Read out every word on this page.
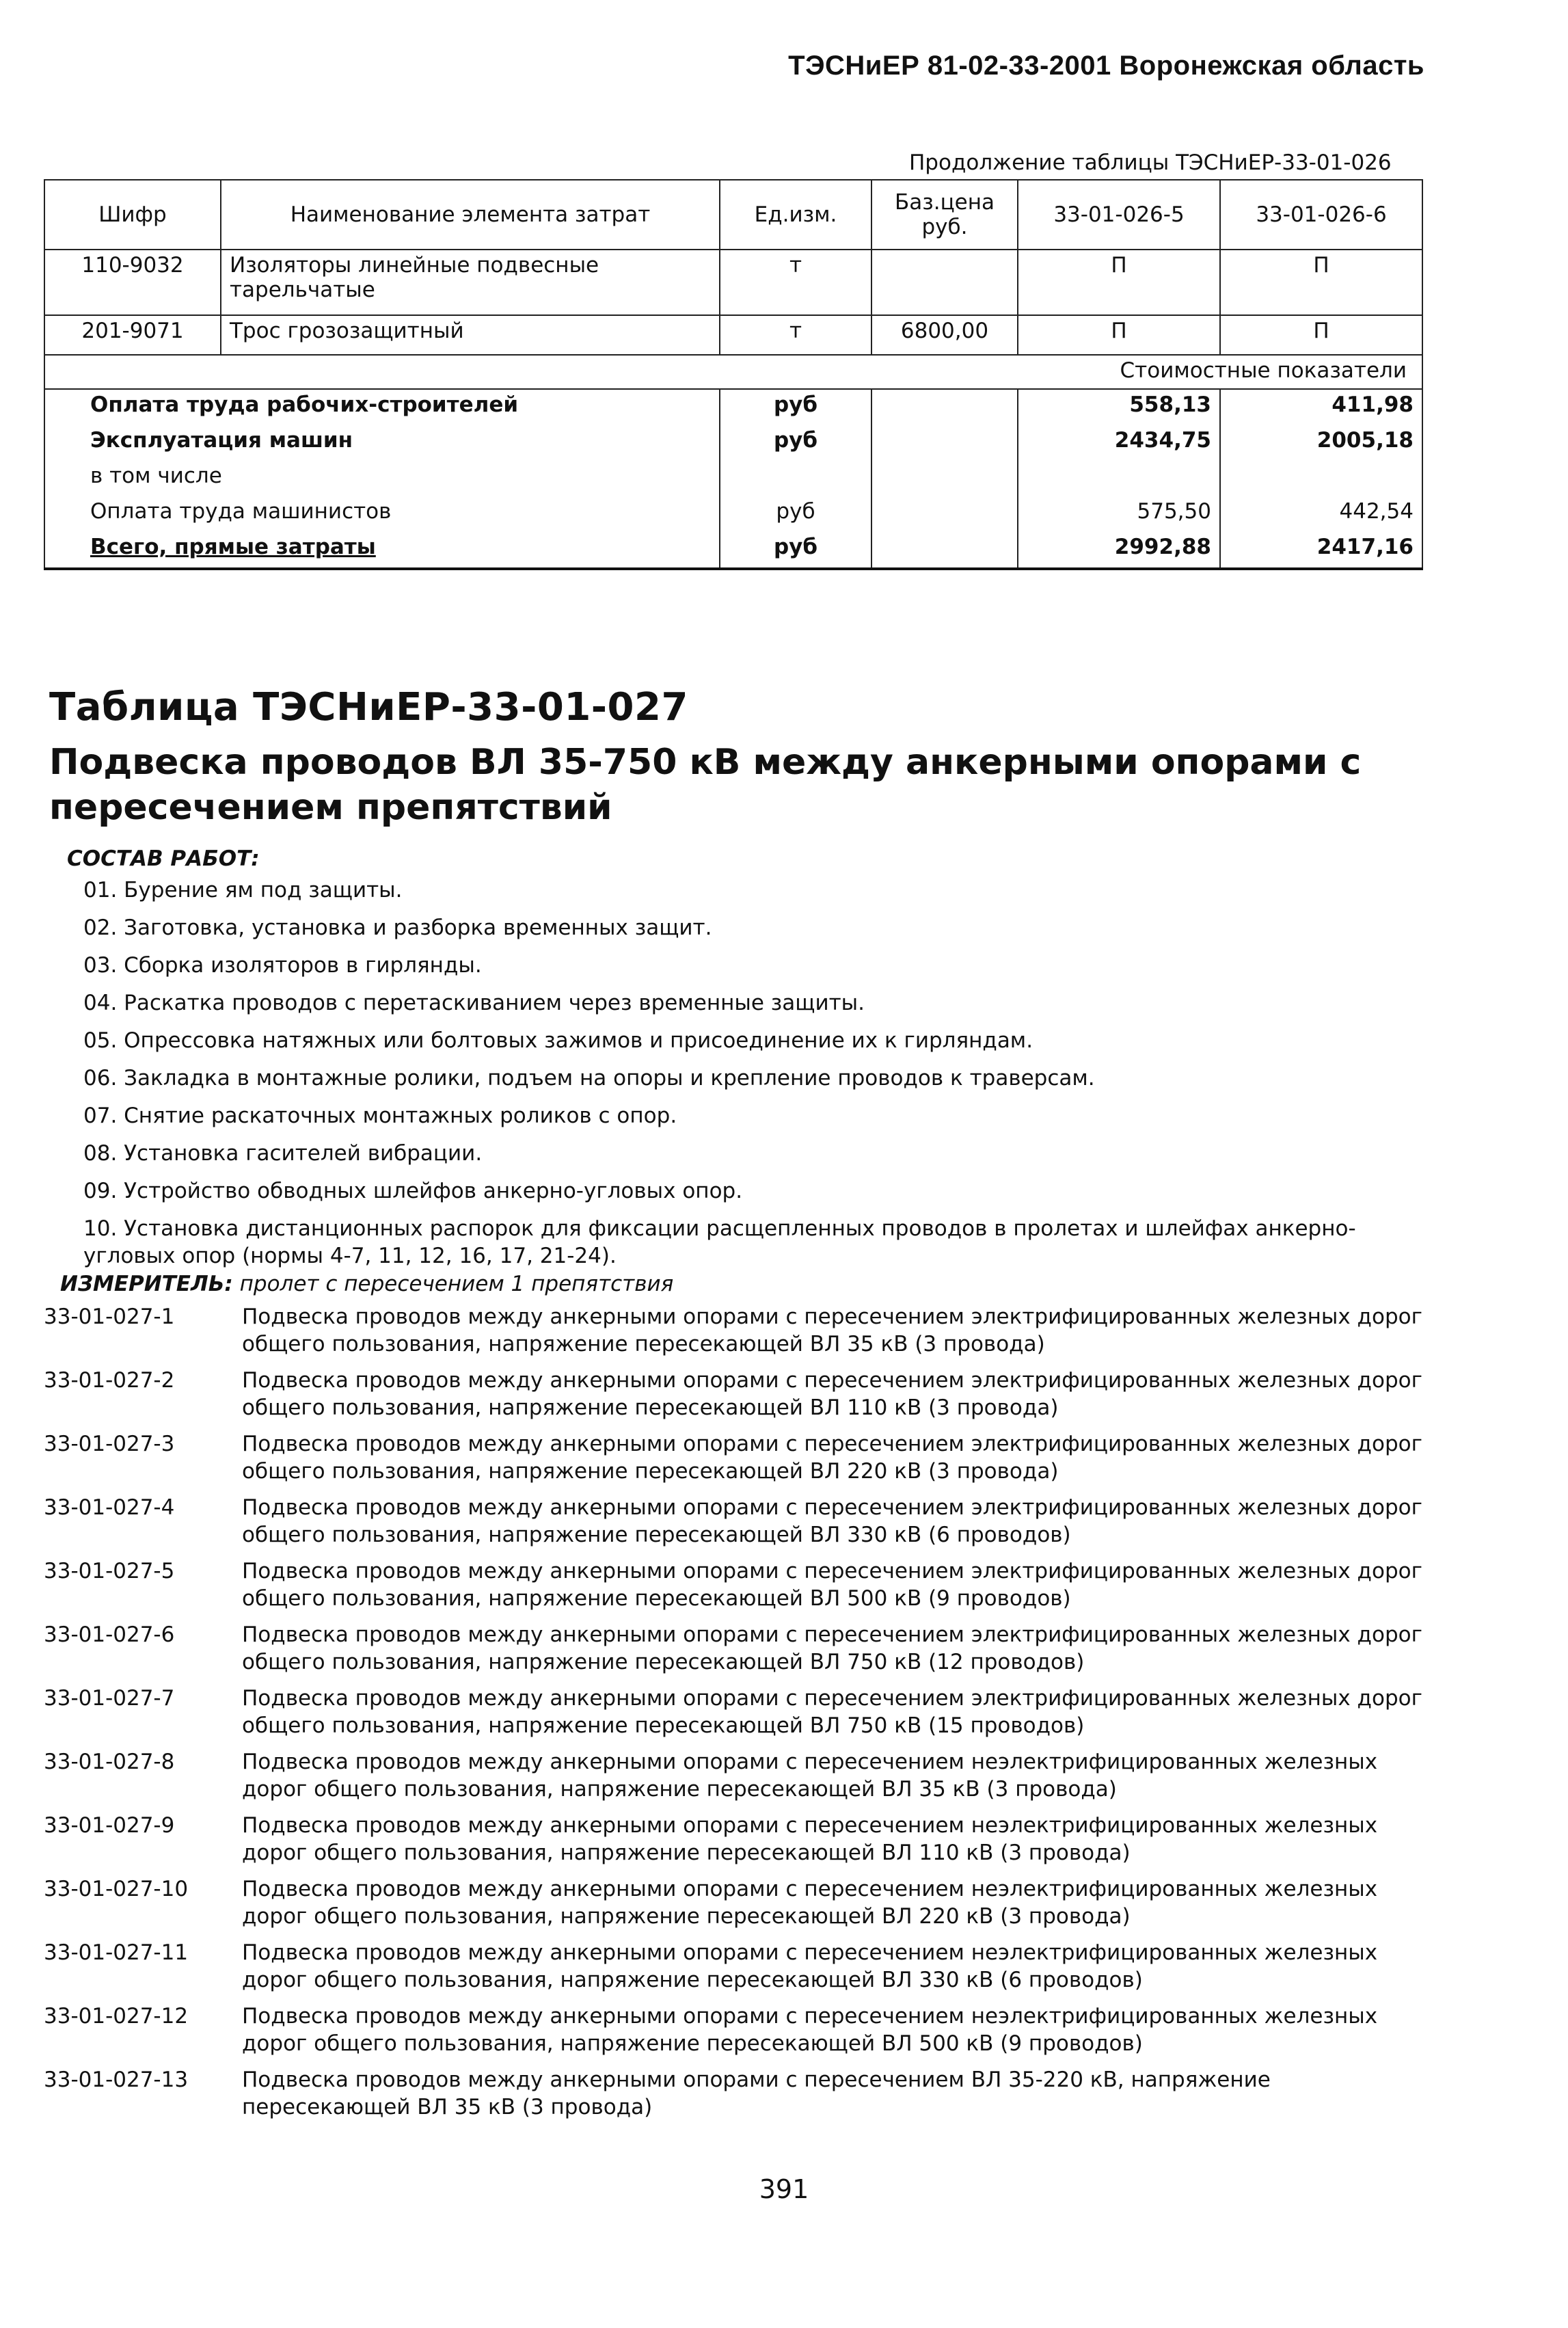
ТЭСНиЕР 81-02-33-2001 Воронежская область
Продолжение таблицы ТЭСНиЕР-33-01-026
Шифр	Наименование элемента затрат	Ед.изм.	Баз.цена руб.	33-01-026-5	33-01-026-6
110-9032	Изоляторы линейные подвесные тарельчатые	т		П	П
201-9071	Трос грозозащитный	т	6800,00	П	П
Стоимостные показатели					
Оплата труда рабочих-строителей		руб		558,13	411,98
Эксплуатация машин		руб		2434,75	2005,18
в том числе					
Оплата труда машинистов		руб		575,50	442,54
Всего, прямые затраты		руб		2992,88	2417,16
Таблица ТЭСНиЕР-33-01-027
Подвеска проводов ВЛ 35-750 кВ между анкерными опорами с пересечением препятствий
СОСТАВ РАБОТ:
01. Бурение ям под защиты.
02. Заготовка, установка и разборка временных защит.
03. Сборка изоляторов в гирлянды.
04. Раскатка проводов с перетаскиванием через временные защиты.
05. Опрессовка натяжных или болтовых зажимов и присоединение их к гирляндам.
06. Закладка в монтажные ролики, подъем на опоры и крепление проводов к траверсам.
07. Снятие раскаточных монтажных роликов с опор.
08. Установка гасителей вибрации.
09. Устройство обводных шлейфов анкерно-угловых опор.
10. Установка дистанционных распорок для фиксации расщепленных проводов в пролетах и шлейфах анкерно-угловых опор (нормы 4-7, 11, 12, 16, 17, 21-24).
ИЗМЕРИТЕЛЬ: пролет с пересечением 1 препятствия
33-01-027-1	Подвеска проводов между анкерными опорами с пересечением электрифицированных железных дорог общего пользования, напряжение пересекающей ВЛ 35 кВ (3 провода)
33-01-027-2	Подвеска проводов между анкерными опорами с пересечением электрифицированных железных дорог общего пользования, напряжение пересекающей ВЛ 110 кВ (3 провода)
33-01-027-3	Подвеска проводов между анкерными опорами с пересечением электрифицированных железных дорог общего пользования, напряжение пересекающей ВЛ 220 кВ (3 провода)
33-01-027-4	Подвеска проводов между анкерными опорами с пересечением электрифицированных железных дорог общего пользования, напряжение пересекающей ВЛ 330 кВ (6 проводов)
33-01-027-5	Подвеска проводов между анкерными опорами с пересечением электрифицированных железных дорог общего пользования, напряжение пересекающей ВЛ 500 кВ (9 проводов)
33-01-027-6	Подвеска проводов между анкерными опорами с пересечением электрифицированных железных дорог общего пользования, напряжение пересекающей ВЛ 750 кВ (12 проводов)
33-01-027-7	Подвеска проводов между анкерными опорами с пересечением электрифицированных железных дорог общего пользования, напряжение пересекающей ВЛ 750 кВ (15 проводов)
33-01-027-8	Подвеска проводов между анкерными опорами с пересечением неэлектрифицированных железных дорог общего пользования, напряжение пересекающей ВЛ 35 кВ (3 провода)
33-01-027-9	Подвеска проводов между анкерными опорами с пересечением неэлектрифицированных железных дорог общего пользования, напряжение пересекающей ВЛ 110 кВ (3 провода)
33-01-027-10	Подвеска проводов между анкерными опорами с пересечением неэлектрифицированных железных дорог общего пользования, напряжение пересекающей ВЛ 220 кВ (3 провода)
33-01-027-11	Подвеска проводов между анкерными опорами с пересечением неэлектрифицированных железных дорог общего пользования, напряжение пересекающей ВЛ 330 кВ (6 проводов)
33-01-027-12	Подвеска проводов между анкерными опорами с пересечением неэлектрифицированных железных дорог общего пользования, напряжение пересекающей ВЛ 500 кВ (9 проводов)
33-01-027-13	Подвеска проводов между анкерными опорами с пересечением ВЛ 35-220 кВ, напряжение пересекающей ВЛ 35 кВ (3 провода)
391
